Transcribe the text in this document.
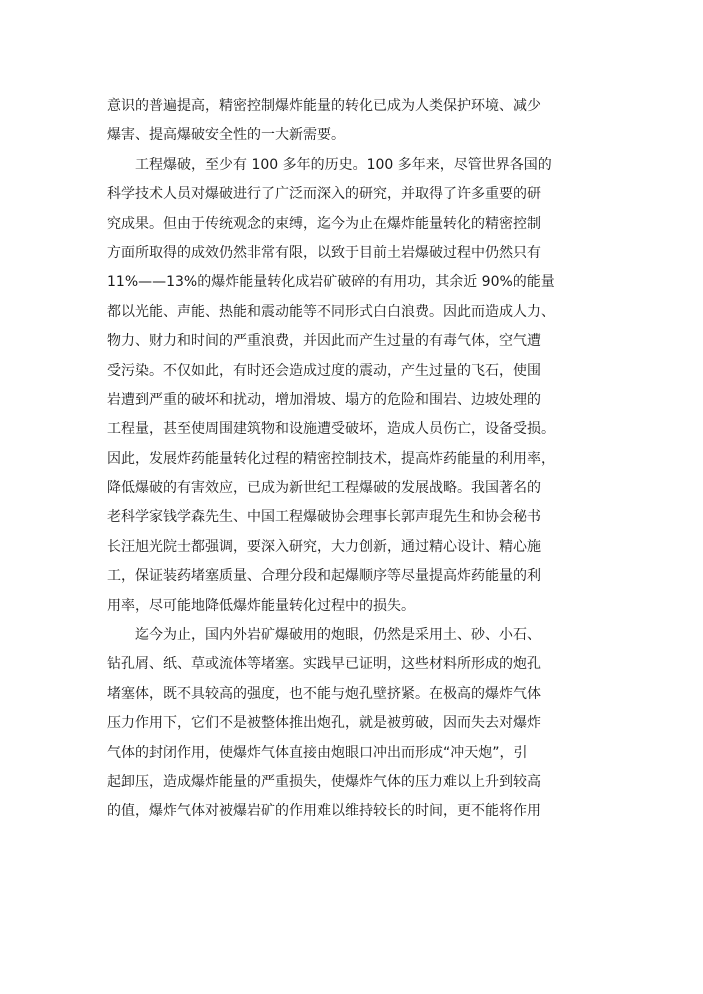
意识的普遍提高，精密控制爆炸能量的转化已成为人类保护环境、减少
爆害、提高爆破安全性的一大新需要。
工程爆破，至少有 100 多年的历史。100 多年来，尽管世界各国的
科学技术人员对爆破进行了广泛而深入的研究，并取得了许多重要的研
究成果。但由于传统观念的束缚，迄今为止在爆炸能量转化的精密控制
方面所取得的成效仍然非常有限，以致于目前土岩爆破过程中仍然只有
11%——13%的爆炸能量转化成岩矿破碎的有用功，其余近 90%的能量
都以光能、声能、热能和震动能等不同形式白白浪费。因此而造成人力、
物力、财力和时间的严重浪费，并因此而产生过量的有毒气体，空气遭
受污染。不仅如此，有时还会造成过度的震动，产生过量的飞石，使围
岩遭到严重的破坏和扰动，增加滑坡、塌方的危险和围岩、边坡处理的
工程量，甚至使周围建筑物和设施遭受破坏，造成人员伤亡，设备受损。
因此，发展炸药能量转化过程的精密控制技术，提高炸药能量的利用率，
降低爆破的有害效应，已成为新世纪工程爆破的发展战略。我国著名的
老科学家钱学森先生、中国工程爆破协会理事长郭声琨先生和协会秘书
长汪旭光院士都强调，要深入研究，大力创新，通过精心设计、精心施
工，保证装药堵塞质量、合理分段和起爆顺序等尽量提高炸药能量的利
用率，尽可能地降低爆炸能量转化过程中的损失。
迄今为止，国内外岩矿爆破用的炮眼，仍然是采用土、砂、小石、
钻孔屑、纸、草或流体等堵塞。实践早已证明，这些材料所形成的炮孔
堵塞体，既不具较高的强度，也不能与炮孔壁挤紧。在极高的爆炸气体
压力作用下，它们不是被整体推出炮孔，就是被剪破，因而失去对爆炸
气体的封闭作用，使爆炸气体直接由炮眼口冲出而形成“冲天炮”，引
起卸压，造成爆炸能量的严重损失，使爆炸气体的压力难以上升到较高
的值，爆炸气体对被爆岩矿的作用难以维持较长的时间，更不能将作用
